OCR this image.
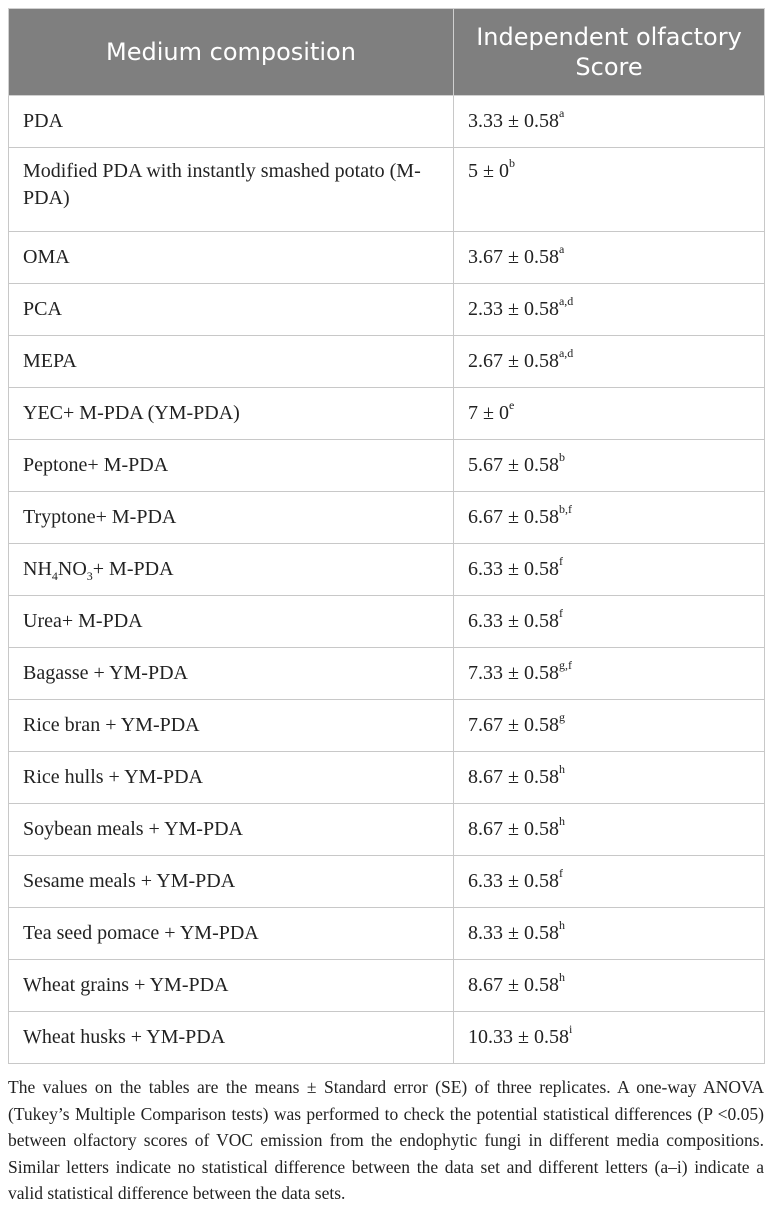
Medium composition	Independent olfactory
Score
PDA	3.33 ± 0.58$^a$
Modified PDA with instantly smashed potato (M-PDA)	$5 \pm 0^b$
OMA	3.67 ± 0.58$^a$
PCA	$2.33 \pm 0.58^{a,d}$
MEPA	$2.67 \pm 0.58^{a,d}$
YEC+ M-PDA (YM-PDA)	$7 \pm 0^e$
Peptone+ M-PDA	5.67 ± 0.58$^b$
Tryptone+ M-PDA	$6.67 \pm 0.58^{b,f}$
$NH_4NO_3+ M-PDA$	6.33 ± 0.58$^f$
Urea+ M-PDA	6.33 ± 0.58$^f$
Bagasse + YM-PDA	$7.33 \pm 0.58^{g,f}$
Rice bran + YM-PDA	7.67 ± 0.58$^g$
Rice hulls + YM-PDA	8.67 ± 0.58$^h$
Soybean meals + YM-PDA	8.67 ± 0.58$^h$
Sesame meals + YM-PDA	6.33 ± 0.58$^f$
Tea seed pomace + YM-PDA	8.33 ± 0.58$^h$
Wheat grains + YM-PDA	8.67 ± 0.58$^h$
Wheat husks + YM-PDA	$10.33 \pm 0.58^i$

The values on the tables are the means ± Standard error (SE) of three replicates. A one-way ANOVA (Tukey’s Multiple Comparison tests) was performed to check the potential statistical differences (P <0.05) between olfactory scores of VOC emission from the endophytic fungi in different media compositions. Similar letters indicate no statistical difference between the data set and different letters (a–i) indicate a valid statistical difference between the data sets.
